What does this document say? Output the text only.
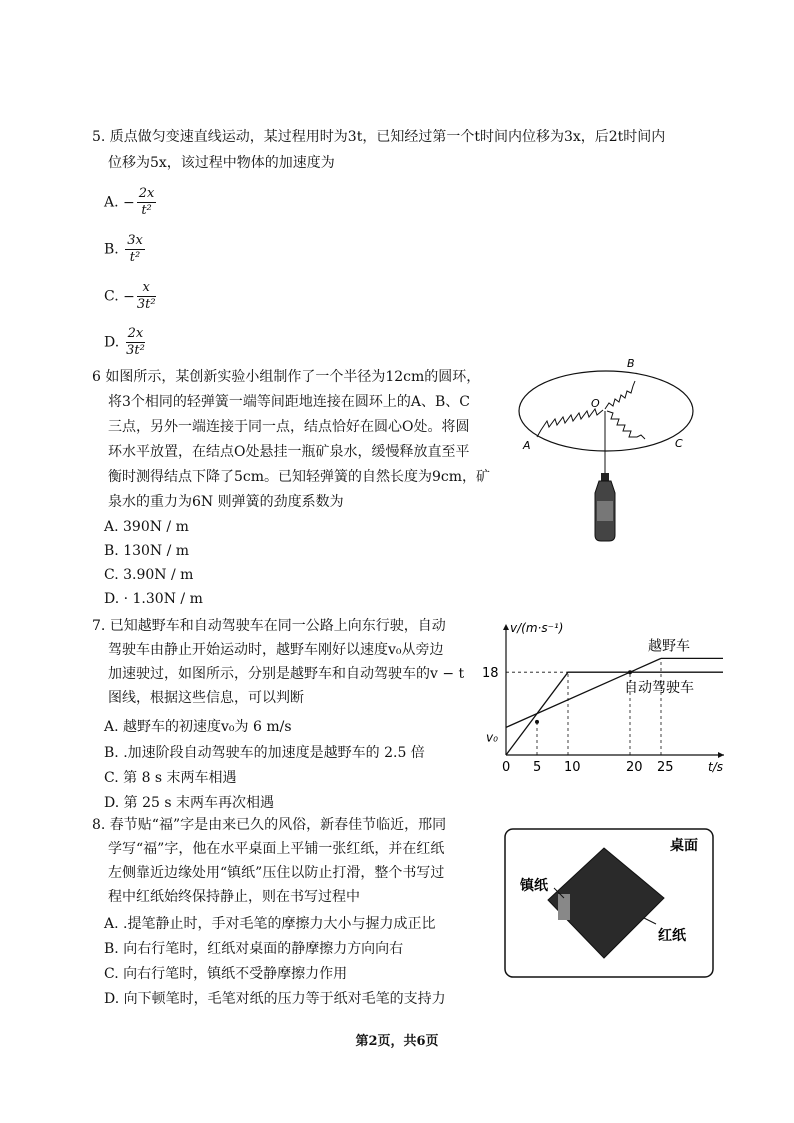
5. 质点做匀变速直线运动，某过程用时为3t，已知经过第一个t时间内位移为3x，后2t时间内
位移为5x，该过程中物体的加速度为
A. − $\frac{2x}{\text{t²}}$
B. $\frac{3x}{\text{t²}}$
C. − $\frac{x}{\text{3t²}}$
D. $\frac{2x}{\text{3t²}}$
6 如图所示，某创新实验小组制作了一个半径为12cm的圆环，
将3个相同的轻弹簧一端等间距地连接在圆环上的A、B、C
三点，另外一端连接于同一点，结点恰好在圆心O处。将圆
环水平放置，在结点O处悬挂一瓶矿泉水，缓慢释放直至平
衡时测得结点下降了5cm。已知轻弹簧的自然长度为9cm，矿
泉水的重力为6N 则弹簧的劲度系数为
A. 390N / m
B. 130N / m
C. 3.90N / m
D. · 1.30N / m
A
B
C
O
7. 已知越野车和自动驾驶车在同一公路上向东行驶，自动
驾驶车由静止开始运动时，越野车刚好以速度v₀从旁边
加速驶过，如图所示，分别是越野车和自动驾驶车的v − t
图线，根据这些信息，可以判断
A. 越野车的初速度v₀为 6 m/s
B. .加速阶段自动驾驶车的加速度是越野车的 2.5 倍
C. 第 8 s 末两车相遇
D. 第 25 s 末两车再次相遇
0 5 10	20 25
18
v₀
v/(m·s⁻¹)
t/s
越野车
自动驾驶车
8. 春节贴“福”字是由来已久的风俗，新春佳节临近，邢同
学写“福”字，他在水平桌面上平铺一张红纸，并在红纸
左侧靠近边缘处用“镇纸”压住以防止打滑，整个书写过
程中红纸始终保持静止，则在书写过程中
A. .提笔静止时，手对毛笔的摩擦力大小与握力成正比
B. 向右行笔时，红纸对桌面的静摩擦力方向向右
C. 向右行笔时，镇纸不受静摩擦力作用
D. 向下顿笔时，毛笔对纸的压力等于纸对毛笔的支持力
桌面
镇纸
红纸
第2页，共6页
